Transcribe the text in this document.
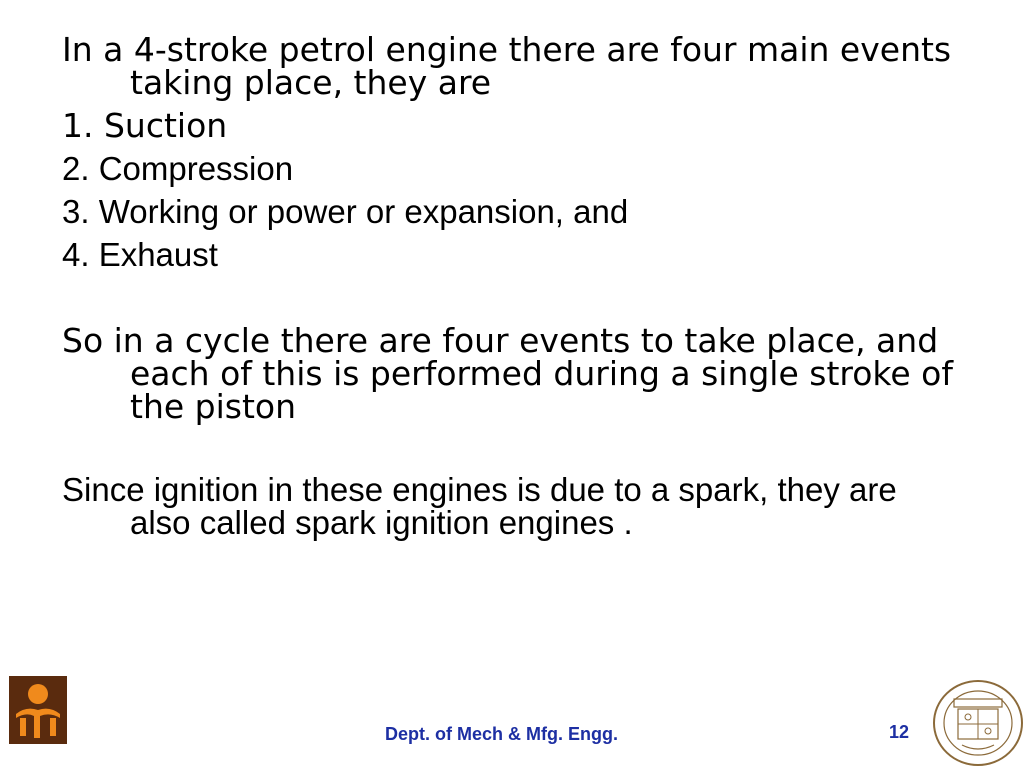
In a 4-stroke petrol engine there are four main events taking place, they are

1. Suction

2. Compression

3. Working or power or expansion, and

4. Exhaust

So in a cycle there are four events to take place, and each of this is performed during a single stroke of the piston

Since ignition in these engines is due to a spark, they are also called spark ignition engines .

Dept. of Mech & Mfg. Engg.	12
